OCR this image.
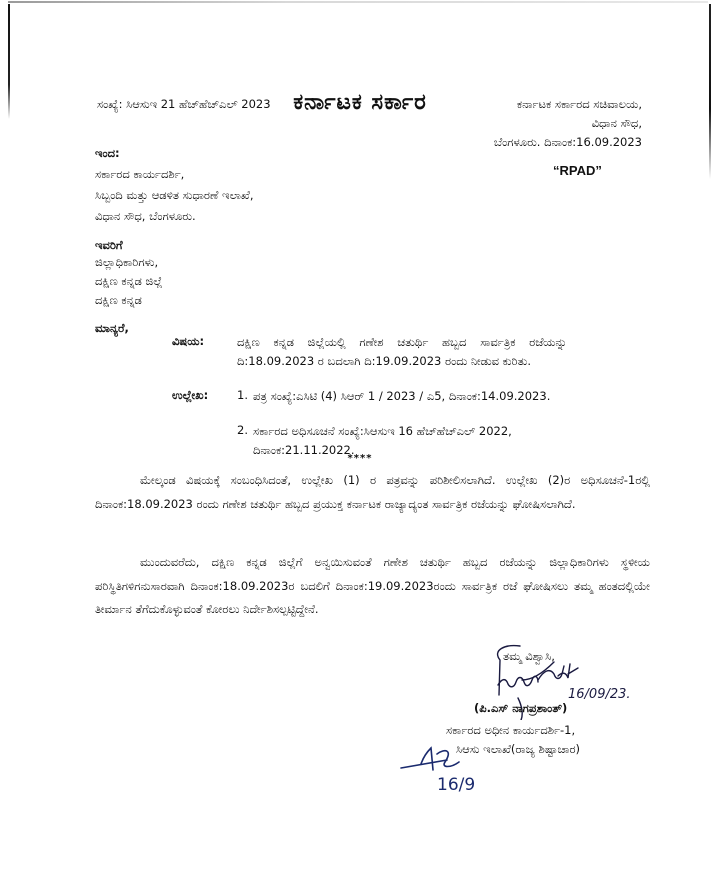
ಕರ್ನಾಟಕ ಸರ್ಕಾರ
ಸಂಖ್ಯೆ: ಸಿಆಸುಇ 21 ಹೆಚ್‌ಹೆಚ್‌ಎಲ್ 2023	ಕರ್ನಾಟಕ ಸರ್ಕಾರದ ಸಚಿವಾಲಯ,
ವಿಧಾನ ಸೌಧ,
ಬೆಂಗಳೂರು. ದಿನಾಂಕ:16.09.2023
ಇಂದ:
ಸರ್ಕಾರದ ಕಾರ್ಯದರ್ಶಿ,
ಸಿಬ್ಬಂದಿ ಮತ್ತು ಆಡಳಿತ ಸುಧಾರಣೆ ಇಲಾಖೆ,
ವಿಧಾನ ಸೌಧ, ಬೆಂಗಳೂರು.
“RPAD”
ಇವರಿಗೆ
ಜಿಲ್ಲಾಧಿಕಾರಿಗಳು,
ದಕ್ಷಿಣ ಕನ್ನಡ ಜಿಲ್ಲೆ
ದಕ್ಷಿಣ ಕನ್ನಡ
ಮಾನ್ಯರೆ,
ವಿಷಯ:	ದಕ್ಷಿಣ ಕನ್ನಡ ಜಿಲ್ಲೆಯಲ್ಲಿ ಗಣೇಶ ಚತುರ್ಥಿ ಹಬ್ಬದ ಸಾರ್ವತ್ರಿಕ ರಜೆಯನ್ನು ದಿ:18.09.2023 ರ ಬದಲಾಗಿ ದಿ:19.09.2023 ರಂದು ನೀಡುವ ಕುರಿತು.
ಉಲ್ಲೇಖ:	1. ಪತ್ರ ಸಂಖ್ಯೆ:ಎಸಿಟಿ (4) ಸಿಆರ್ 1 / 2023 / ಎ5, ದಿನಾಂಕ:14.09.2023.
2. ಸರ್ಕಾರದ ಅಧಿಸೂಚನೆ ಸಂಖ್ಯೆ:ಸಿಆಸುಇ 16 ಹೆಚ್‌ಹೆಚ್‌ಎಲ್ 2022, ದಿನಾಂಕ:21.11.2022.
****
ಮೇಲ್ಕಂಡ ವಿಷಯಕ್ಕೆ ಸಂಬಂಧಿಸಿದಂತೆ, ಉಲ್ಲೇಖ (1) ರ ಪತ್ರವನ್ನು ಪರಿಶೀಲಿಸಲಾಗಿದೆ. ಉಲ್ಲೇಖ (2)ರ ಅಧಿಸೂಚನೆ-1ರಲ್ಲಿ ದಿನಾಂಕ:18.09.2023 ರಂದು ಗಣೇಶ ಚತುರ್ಥಿ ಹಬ್ಬದ ಪ್ರಯುಕ್ತ ಕರ್ನಾಟಕ ರಾಜ್ಯಾದ್ಯಂತ ಸಾರ್ವತ್ರಿಕ ರಜೆಯನ್ನು ಘೋಷಿಸಲಾಗಿದೆ.
ಮುಂದುವರೆದು, ದಕ್ಷಿಣ ಕನ್ನಡ ಜಿಲ್ಲೆಗೆ ಅನ್ವಯಿಸುವಂತೆ ಗಣೇಶ ಚತುರ್ಥಿ ಹಬ್ಬದ ರಜೆಯನ್ನು ಜಿಲ್ಲಾಧಿಕಾರಿಗಳು ಸ್ಥಳೀಯ ಪರಿಸ್ಥಿತಿಗಳಿಗನುಸಾರವಾಗಿ ದಿನಾಂಕ:18.09.2023ರ ಬದಲಿಗೆ ದಿನಾಂಕ:19.09.2023ರಂದು ಸಾರ್ವತ್ರಿಕ ರಜೆ ಘೋಷಿಸಲು ತಮ್ಮ ಹಂತದಲ್ಲಿಯೇ ತೀರ್ಮಾನ ತೆಗೆದುಕೊಳ್ಳುವಂತೆ ಕೋರಲು ನಿರ್ದೇಶಿಸಲ್ಪಟ್ಟಿದ್ದೇನೆ.
ತಮ್ಮ ವಿಶ್ವಾಸಿ,
16/09/23.
(ಪಿ.ಎಸ್ ನಾಗಪ್ರಶಾಂತ್)
ಸರ್ಕಾರದ ಅಧೀನ ಕಾರ್ಯದರ್ಶಿ-1,
ಸಿಆಸು ಇಲಾಖೆ(ರಾಜ್ಯ ಶಿಷ್ಟಾಚಾರ)
16/9
